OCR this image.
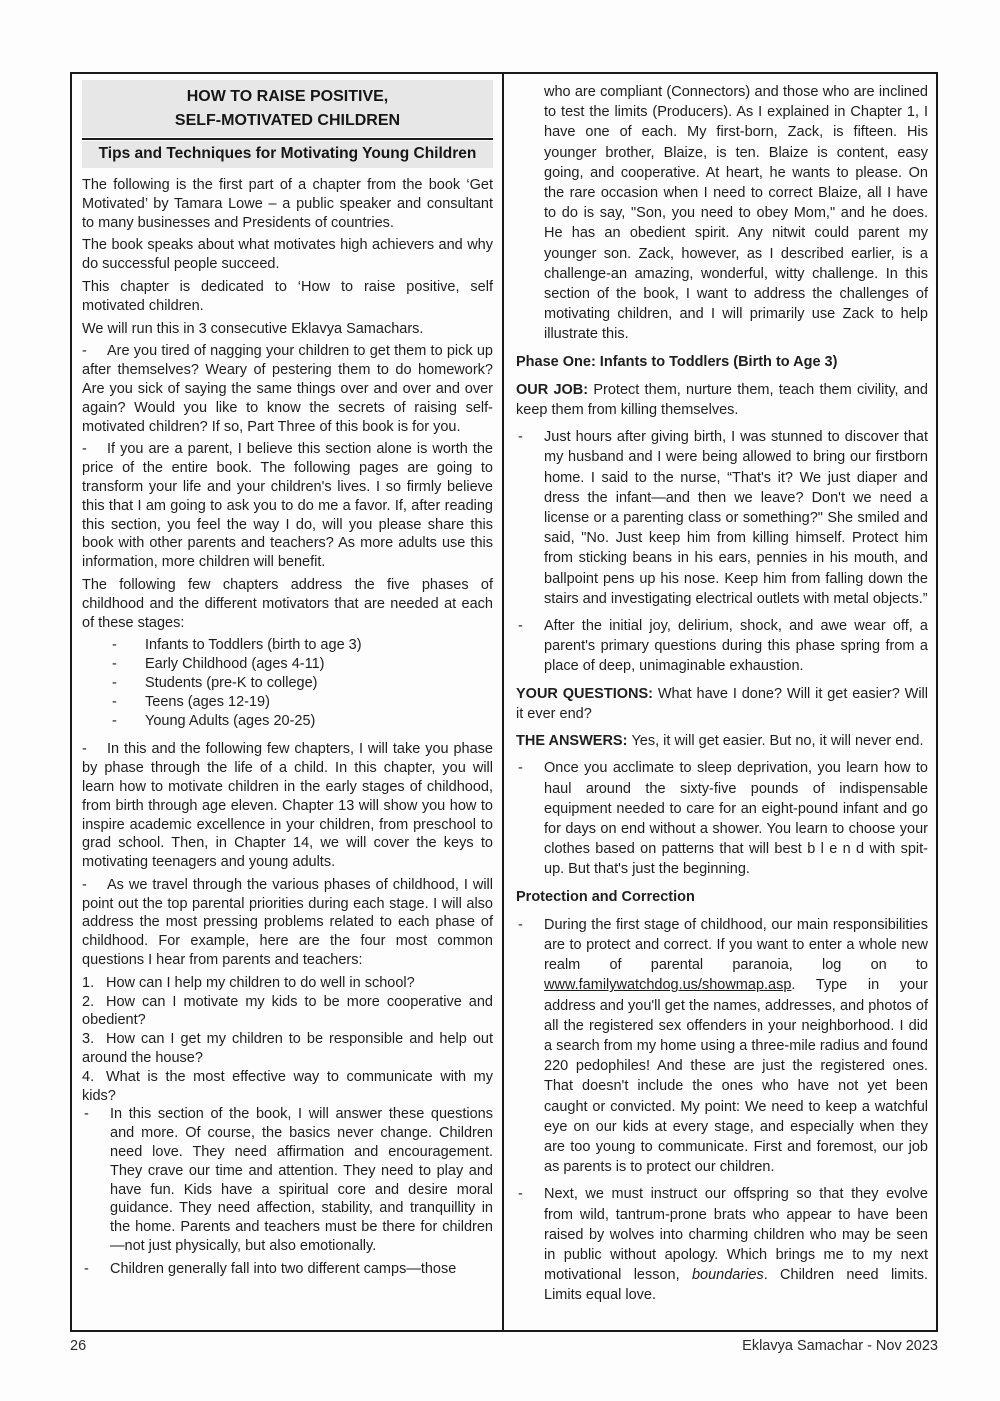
HOW TO RAISE POSITIVE,
SELF-MOTIVATED CHILDREN
Tips and Techniques for Motivating Young Children

The following is the first part of a chapter from the book ‘Get Motivated’ by Tamara Lowe – a public speaker and consultant to many businesses and Presidents of countries.

The book speaks about what motivates high achievers and why do successful people succeed.

This chapter is dedicated to ‘How to raise positive, self motivated children.

We will run this in 3 consecutive Eklavya Samachars.

- Are you tired of nagging your children to get them to pick up after themselves? Weary of pestering them to do homework? Are you sick of saying the same things over and over and over again? Would you like to know the secrets of raising self-motivated children? If so, Part Three of this book is for you.

- If you are a parent, I believe this section alone is worth the price of the entire book. The following pages are going to transform your life and your children's lives. I so firmly believe this that I am going to ask you to do me a favor. If, after reading this section, you feel the way I do, will you please share this book with other parents and teachers? As more adults use this information, more children will benefit.

The following few chapters address the five phases of childhood and the different motivators that are needed at each of these stages:

- Infants to Toddlers (birth to age 3)

- Early Childhood (ages 4-11)

- Students (pre-K to college)

- Teens (ages 12-19)

- Young Adults (ages 20-25)

- In this and the following few chapters, I will take you phase by phase through the life of a child. In this chapter, you will learn how to motivate children in the early stages of childhood, from birth through age eleven. Chapter 13 will show you how to inspire academic excellence in your children, from preschool to grad school. Then, in Chapter 14, we will cover the keys to motivating teenagers and young adults.

- As we travel through the various phases of childhood, I will point out the top parental priorities during each stage. I will also address the most pressing problems related to each phase of childhood. For example, here are the four most common questions I hear from parents and teachers:

1. How can I help my children to do well in school?

2. How can I motivate my kids to be more cooperative and obedient?

3. How can I get my children to be responsible and help out around the house?

4. What is the most effective way to communicate with my kids?

- In this section of the book, I will answer these questions and more. Of course, the basics never change. Children need love. They need affirmation and encouragement. They crave our time and attention. They need to play and have fun. Kids have a spiritual core and desire moral guidance. They need affection, stability, and tranquillity in the home. Parents and teachers must be there for children—not just physically, but also emotionally.

- Children generally fall into two different camps—those

who are compliant (Connectors) and those who are inclined to test the limits (Producers). As I explained in Chapter 1, I have one of each. My first-born, Zack, is fifteen. His younger brother, Blaize, is ten. Blaize is content, easy going, and cooperative. At heart, he wants to please. On the rare occasion when I need to correct Blaize, all I have to do is say, "Son, you need to obey Mom," and he does. He has an obedient spirit. Any nitwit could parent my younger son. Zack, however, as I described earlier, is a challenge-an amazing, wonderful, witty challenge. In this section of the book, I want to address the challenges of motivating children, and I will primarily use Zack to help illustrate this.

Phase One: Infants to Toddlers (Birth to Age 3)

OUR JOB: Protect them, nurture them, teach them civility, and keep them from killing themselves.

- Just hours after giving birth, I was stunned to discover that my husband and I were being allowed to bring our firstborn home. I said to the nurse, “That's it? We just diaper and dress the infant—and then we leave? Don't we need a license or a parenting class or something?" She smiled and said, "No. Just keep him from killing himself. Protect him from sticking beans in his ears, pennies in his mouth, and ballpoint pens up his nose. Keep him from falling down the stairs and investigating electrical outlets with metal objects.”

- After the initial joy, delirium, shock, and awe wear off, a parent's primary questions during this phase spring from a place of deep, unimaginable exhaustion.

YOUR QUESTIONS: What have I done? Will it get easier? Will it ever end?

THE ANSWERS: Yes, it will get easier. But no, it will never end.

- Once you acclimate to sleep deprivation, you learn how to haul around the sixty-five pounds of indispensable equipment needed to care for an eight-pound infant and go for days on end without a shower. You learn to choose your clothes based on patterns that will best b l e n d with spit-up. But that's just the beginning.

Protection and Correction

- During the first stage of childhood, our main responsibilities are to protect and correct. If you want to enter a whole new realm of parental paranoia, log on to www.familywatchdog.us/showmap.asp. Type in your address and you'll get the names, addresses, and photos of all the registered sex offenders in your neighborhood. I did a search from my home using a three-mile radius and found 220 pedophiles! And these are just the registered ones. That doesn't include the ones who have not yet been caught or convicted. My point: We need to keep a watchful eye on our kids at every stage, and especially when they are too young to communicate. First and foremost, our job as parents is to protect our children.

- Next, we must instruct our offspring so that they evolve from wild, tantrum-prone brats who appear to have been raised by wolves into charming children who may be seen in public without apology. Which brings me to my next motivational lesson, boundaries. Children need limits. Limits equal love.

26	Eklavya Samachar - Nov 2023
